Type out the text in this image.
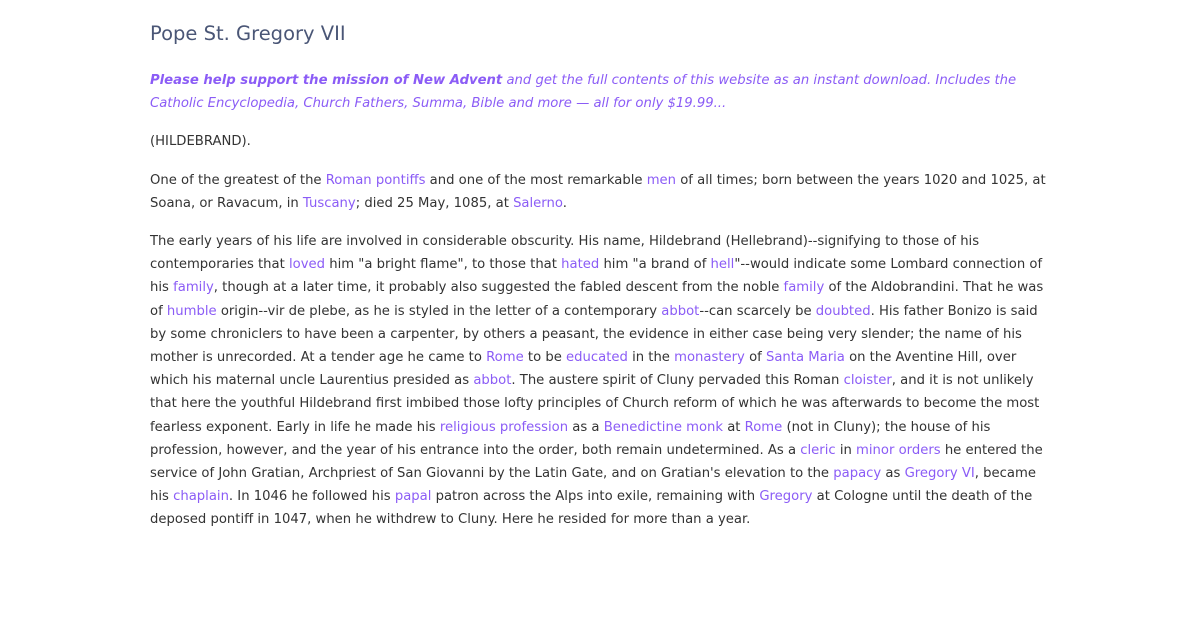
Pope St. Gregory VII

Please help support the mission of New Advent and get the full contents of this website as an instant download. Includes the Catholic Encyclopedia, Church Fathers, Summa, Bible and more — all for only $19.99...

(HILDEBRAND).

One of the greatest of the Roman pontiffs and one of the most remarkable men of all times; born between the years 1020 and 1025, at Soana, or Ravacum, in Tuscany; died 25 May, 1085, at Salerno.

The early years of his life are involved in considerable obscurity. His name, Hildebrand (Hellebrand)--signifying to those of his contemporaries that loved him "a bright flame", to those that hated him "a brand of hell"--would indicate some Lombard connection of his family, though at a later time, it probably also suggested the fabled descent from the noble family of the Aldobrandini. That he was of humble origin--vir de plebe, as he is styled in the letter of a contemporary abbot--can scarcely be doubted. His father Bonizo is said by some chroniclers to have been a carpenter, by others a peasant, the evidence in either case being very slender; the name of his mother is unrecorded. At a tender age he came to Rome to be educated in the monastery of Santa Maria on the Aventine Hill, over which his maternal uncle Laurentius presided as abbot. The austere spirit of Cluny pervaded this Roman cloister, and it is not unlikely that here the youthful Hildebrand first imbibed those lofty principles of Church reform of which he was afterwards to become the most fearless exponent. Early in life he made his religious profession as a Benedictine monk at Rome (not in Cluny); the house of his profession, however, and the year of his entrance into the order, both remain undetermined. As a cleric in minor orders he entered the service of John Gratian, Archpriest of San Giovanni by the Latin Gate, and on Gratian's elevation to the papacy as Gregory VI, became his chaplain. In 1046 he followed his papal patron across the Alps into exile, remaining with Gregory at Cologne until the death of the deposed pontiff in 1047, when he withdrew to Cluny. Here he resided for more than a year.
